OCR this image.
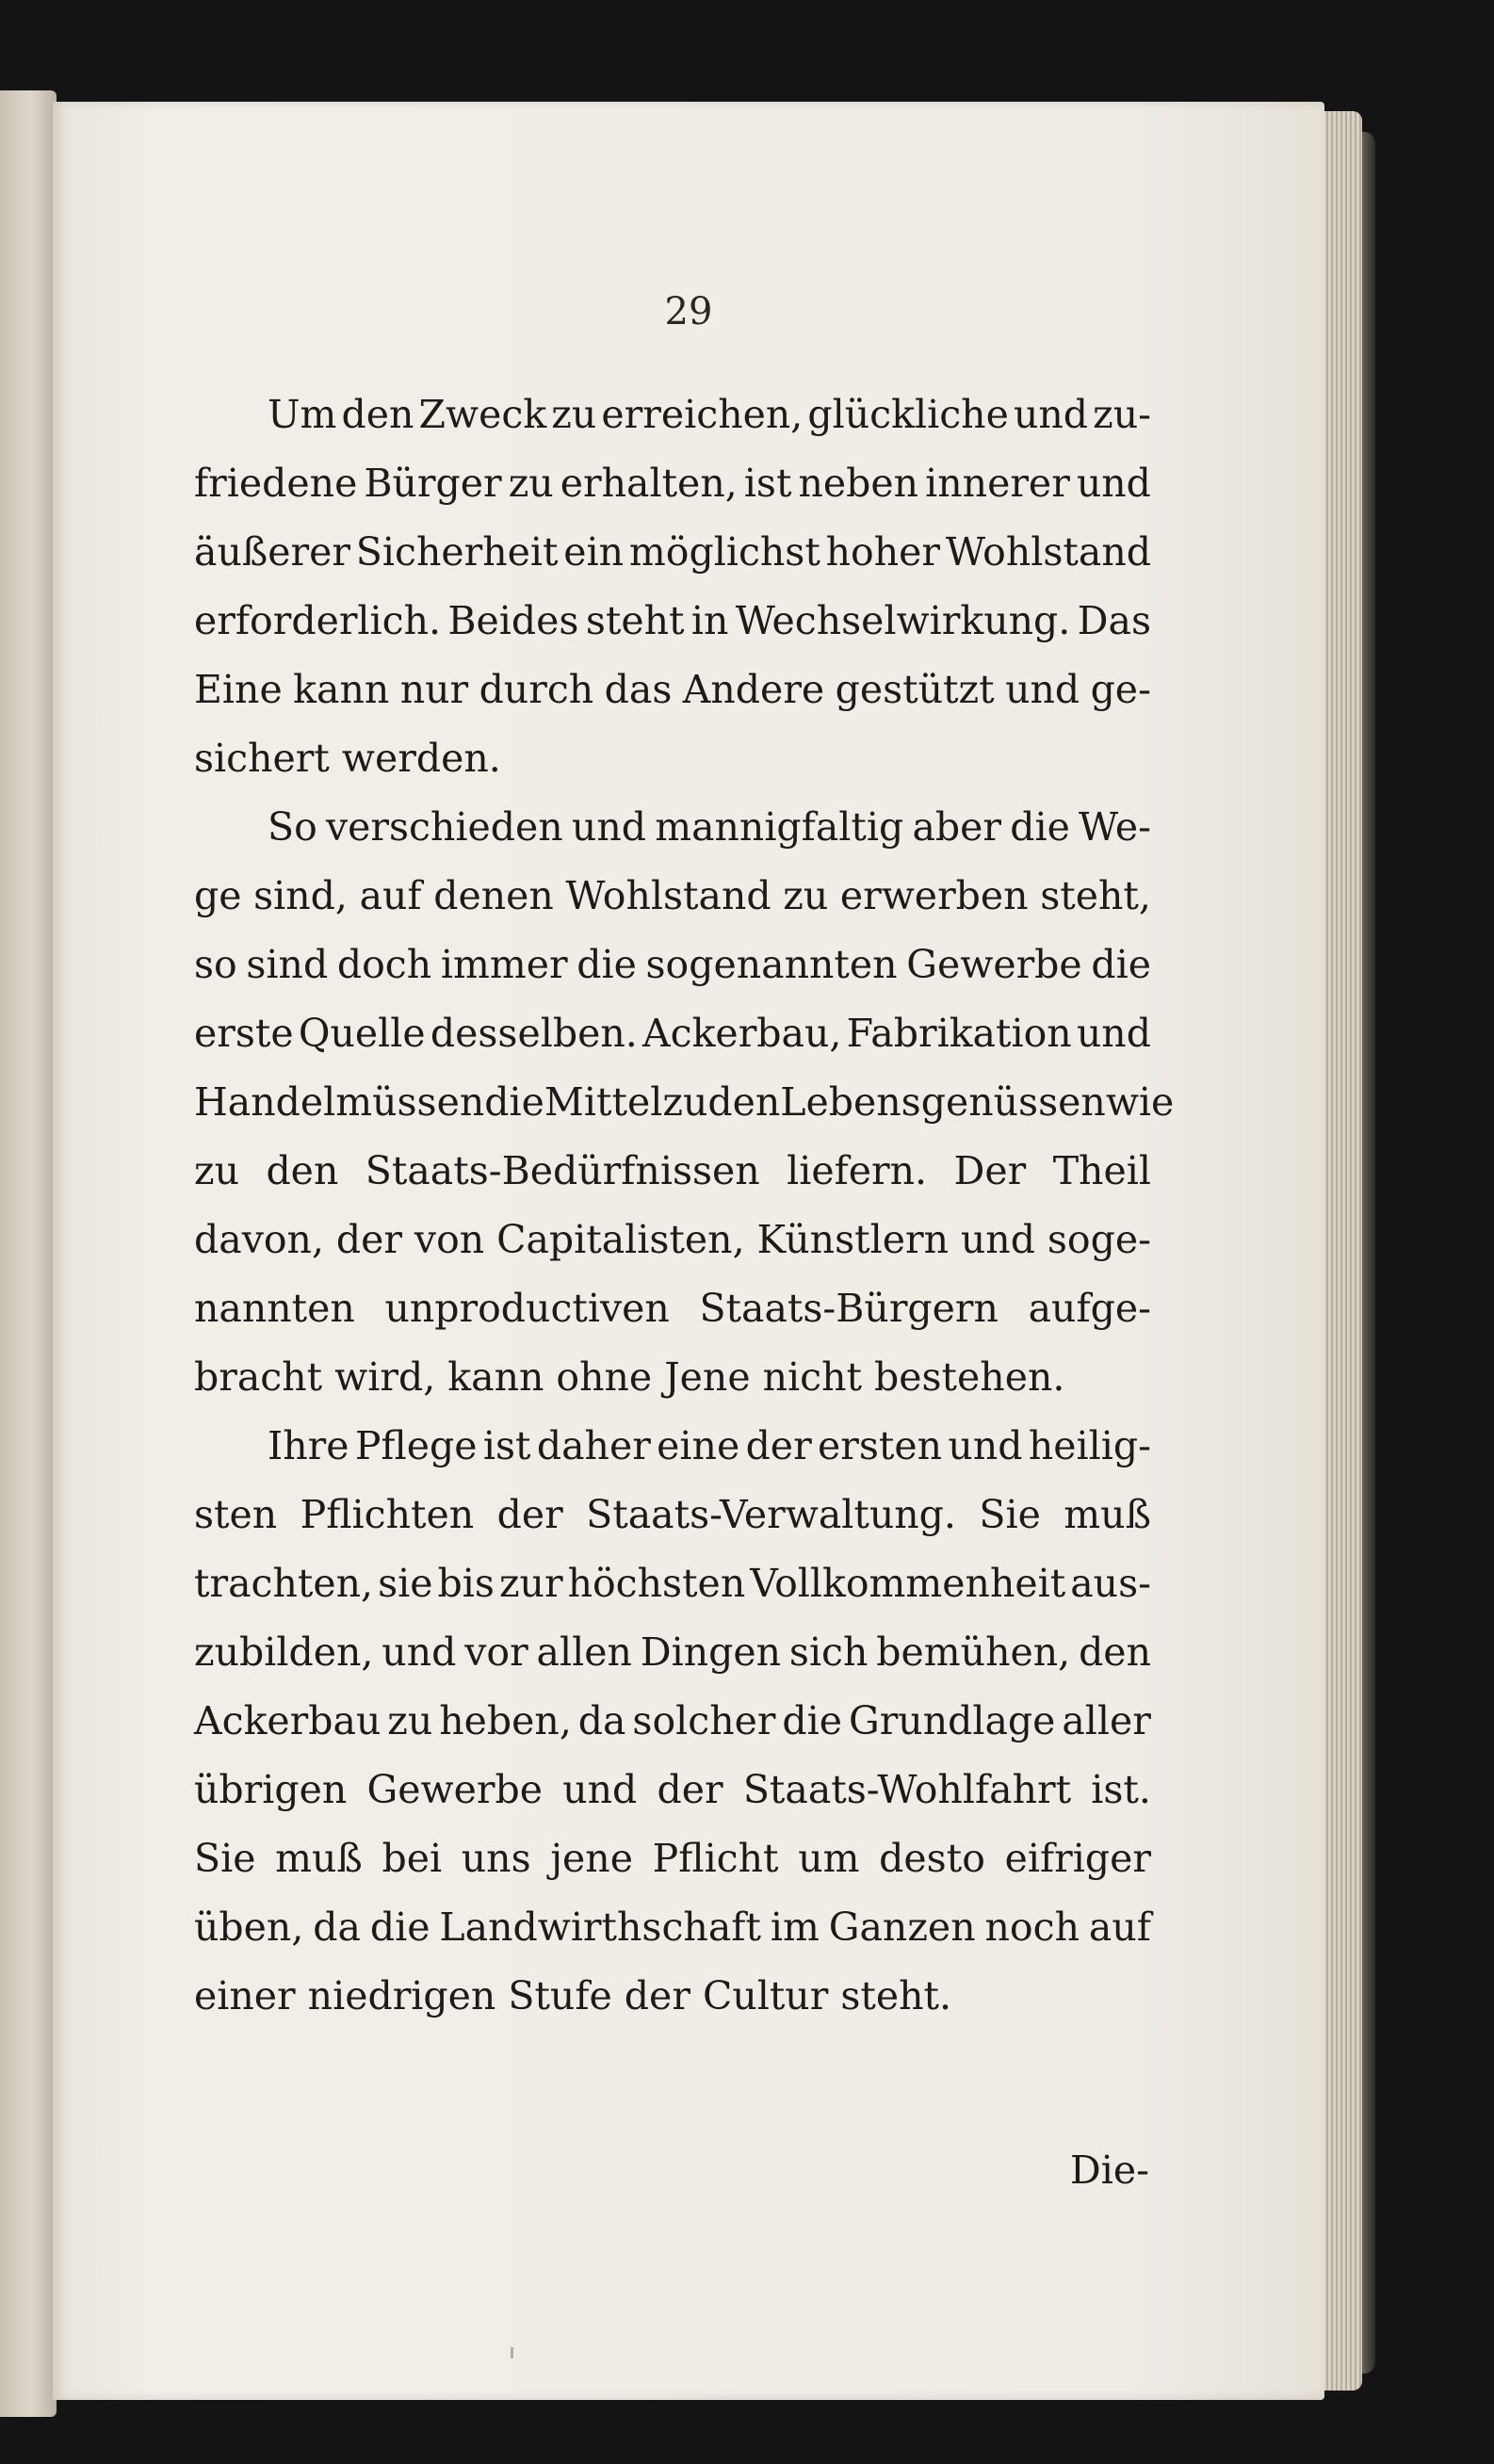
29
Um den Zweck zu erreichen, glückliche und zu-
friedene Bürger zu erhalten, ist neben innerer und
äußerer Sicherheit ein möglichst hoher Wohlstand
erforderlich. Beides steht in Wechselwirkung. Das
Eine kann nur durch das Andere gestützt und ge-
sichert werden.
So verschieden und mannigfaltig aber die We-
ge sind, auf denen Wohlstand zu erwerben steht,
so sind doch immer die sogenannten Gewerbe die
erste Quelle desselben. Ackerbau, Fabrikation und
Handel müssen die Mittel zu den Lebensgenüssen wie
zu den Staats-Bedürfnissen liefern. Der Theil
davon, der von Capitalisten, Künstlern und soge-
nannten unproductiven Staats-Bürgern aufge-
bracht wird, kann ohne Jene nicht bestehen.
Ihre Pflege ist daher eine der ersten und heilig-
sten Pflichten der Staats-Verwaltung. Sie muß
trachten, sie bis zur höchsten Vollkommenheit aus-
zubilden, und vor allen Dingen sich bemühen, den
Ackerbau zu heben, da solcher die Grundlage aller
übrigen Gewerbe und der Staats-Wohlfahrt ist.
Sie muß bei uns jene Pflicht um desto eifriger
üben, da die Landwirthschaft im Ganzen noch auf
einer niedrigen Stufe der Cultur steht.
Die-
